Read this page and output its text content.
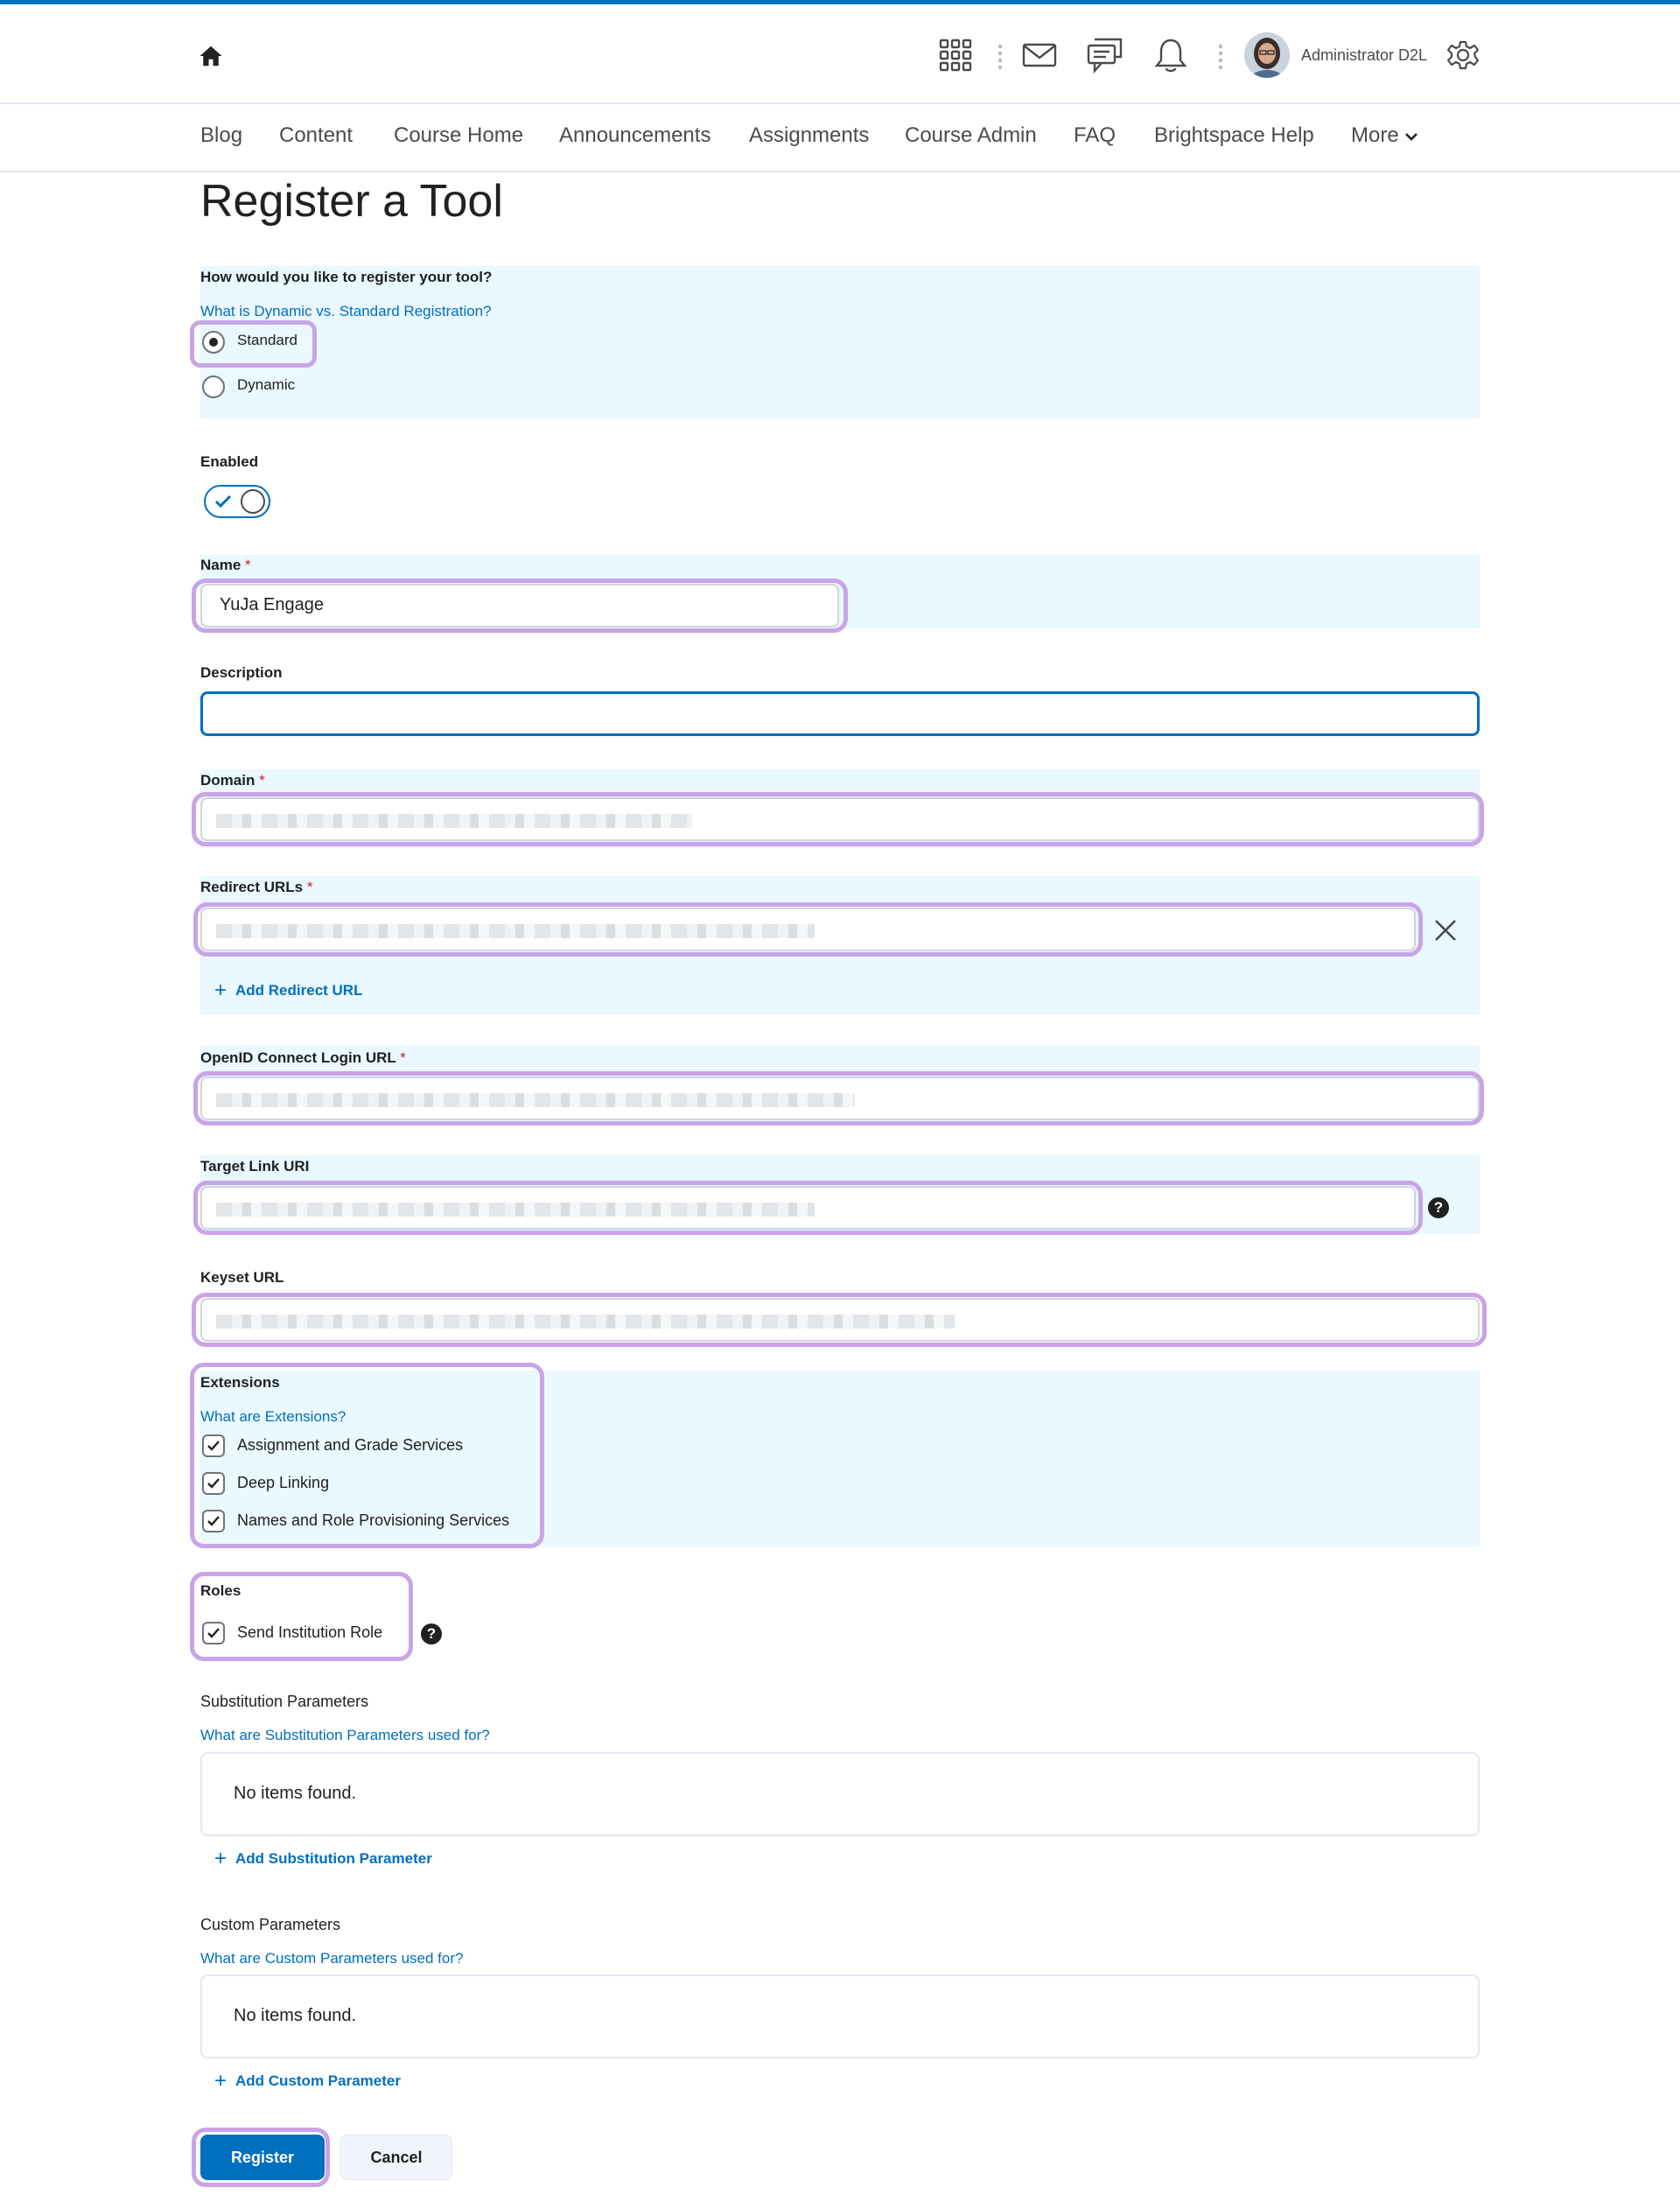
Administrator D2L
Blog Content Course Home Announcements Assignments Course Admin FAQ Brightspace Help More
Register a Tool
How would you like to register your tool?
What is Dynamic vs. Standard Registration?
Standard
Dynamic
Enabled
Name *
YuJa Engage
Description
Domain *
Redirect URLs *
+ Add Redirect URL
OpenID Connect Login URL *
Target Link URI
?
Keyset URL
Extensions
What are Extensions?
Assignment and Grade Services
Deep Linking
Names and Role Provisioning Services
Roles
Send Institution Role	?
Substitution Parameters
What are Substitution Parameters used for?
No items found.
+ Add Substitution Parameter
Custom Parameters
What are Custom Parameters used for?
No items found.
+ Add Custom Parameter
Register	Cancel
